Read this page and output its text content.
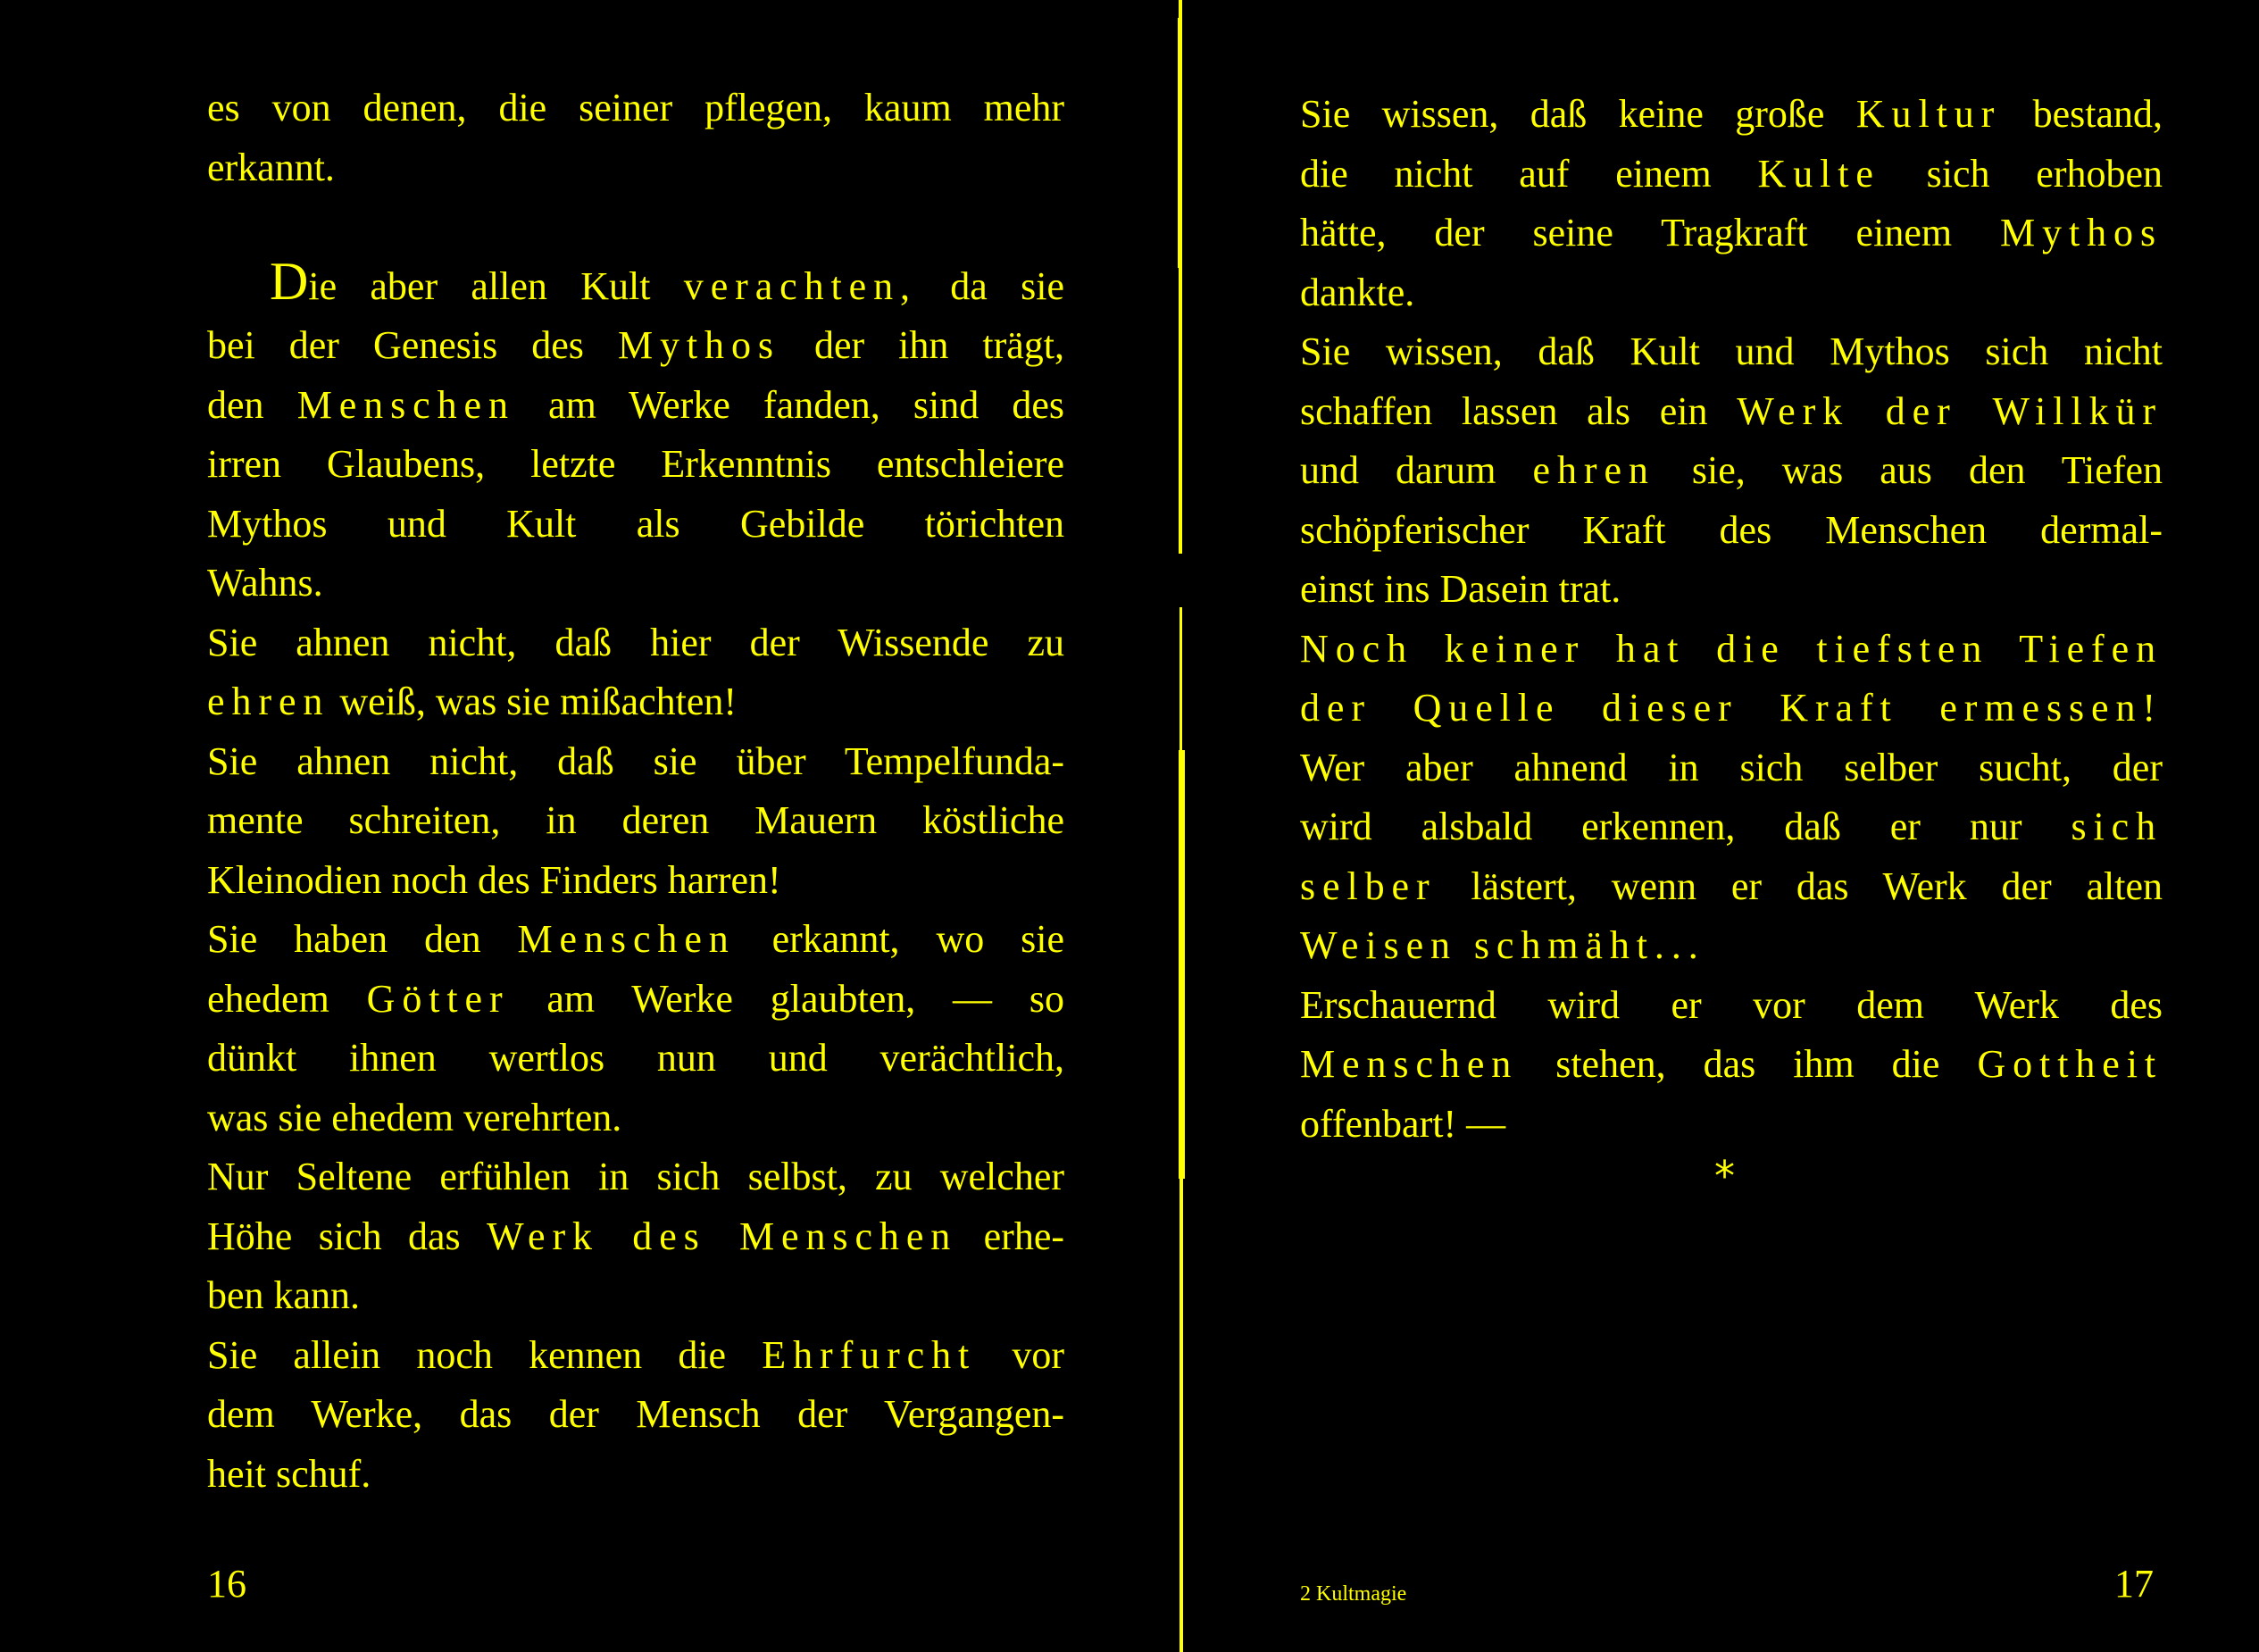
es von denen, die seiner pflegen, kaum mehr
erkannt.
Die aber allen Kult verachten, da sie
bei der Genesis des Mythos der ihn trägt,
den Menschen am Werke fanden, sind des
irren Glaubens, letzte Erkenntnis entschleiere
Mythos und Kult als Gebilde törichten
Wahns.
Sie ahnen nicht, daß hier der Wissende zu
ehren weiß, was sie mißachten!
Sie ahnen nicht, daß sie über Tempelfunda-
mente schreiten, in deren Mauern köstliche
Kleinodien noch des Finders harren!
Sie haben den Menschen erkannt, wo sie
ehedem Götter am Werke glaubten, — so
dünkt ihnen wertlos nun und verächtlich,
was sie ehedem verehrten.
Nur Seltene erfühlen in sich selbst, zu welcher
Höhe sich das Werk des Menschen erhe-
ben kann.
Sie allein noch kennen die Ehrfurcht vor
dem Werke, das der Mensch der Vergangen-
heit schuf.
16
Sie wissen, daß keine große Kultur bestand,
die nicht auf einem Kulte sich erhoben
hätte, der seine Tragkraft einem Mythos
dankte.
Sie wissen, daß Kult und Mythos sich nicht
schaffen lassen als ein Werk der Willkür
und darum ehren sie, was aus den Tiefen
schöpferischer Kraft des Menschen dermal-
einst ins Dasein trat.
Noch keiner hat die tiefsten Tiefen
der Quelle dieser Kraft ermessen!
Wer aber ahnend in sich selber sucht, der
wird alsbald erkennen, daß er nur sich
selber lästert, wenn er das Werk der alten
Weisen schmäht...
Erschauernd wird er vor dem Werk des
Menschen stehen, das ihm die Gottheit
offenbart! —
*
2 Kultmagie	17
